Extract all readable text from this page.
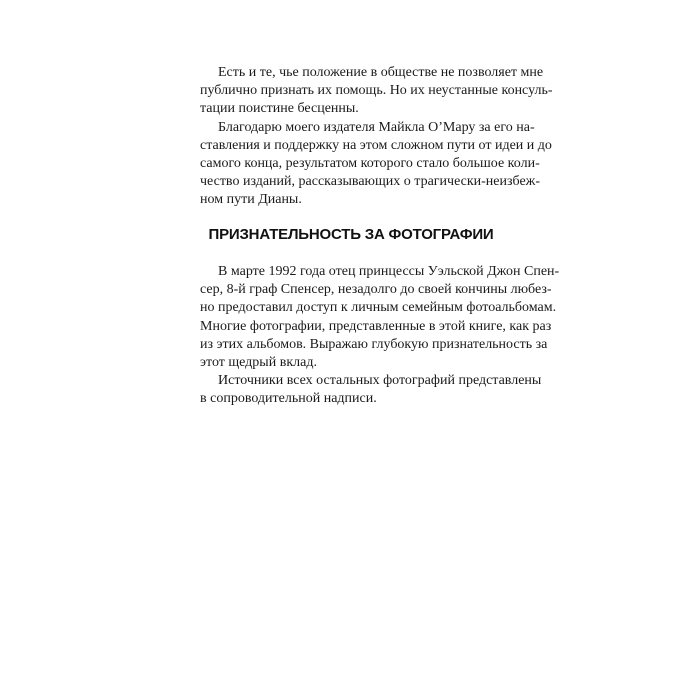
Есть и те, чье положение в обществе не позволяет мне
публично признать их помощь. Но их неустанные консуль-
тации поистине бесценны.
Благодарю моего издателя Майкла О’Мару за его на-
ставления и поддержку на этом сложном пути от идеи и до
самого конца, результатом которого стало большое коли-
чество изданий, рассказывающих о трагически-неизбеж-
ном пути Дианы.
ПРИЗНАТЕЛЬНОСТЬ ЗА ФОТОГРАФИИ
В марте 1992 года отец принцессы Уэльской Джон Спен-
сер, 8-й граф Спенсер, незадолго до своей кончины любез-
но предоставил доступ к личным семейным фотоальбомам.
Многие фотографии, представленные в этой книге, как раз
из этих альбомов. Выражаю глубокую признательность за
этот щедрый вклад.
Источники всех остальных фотографий представлены
в сопроводительной надписи.
